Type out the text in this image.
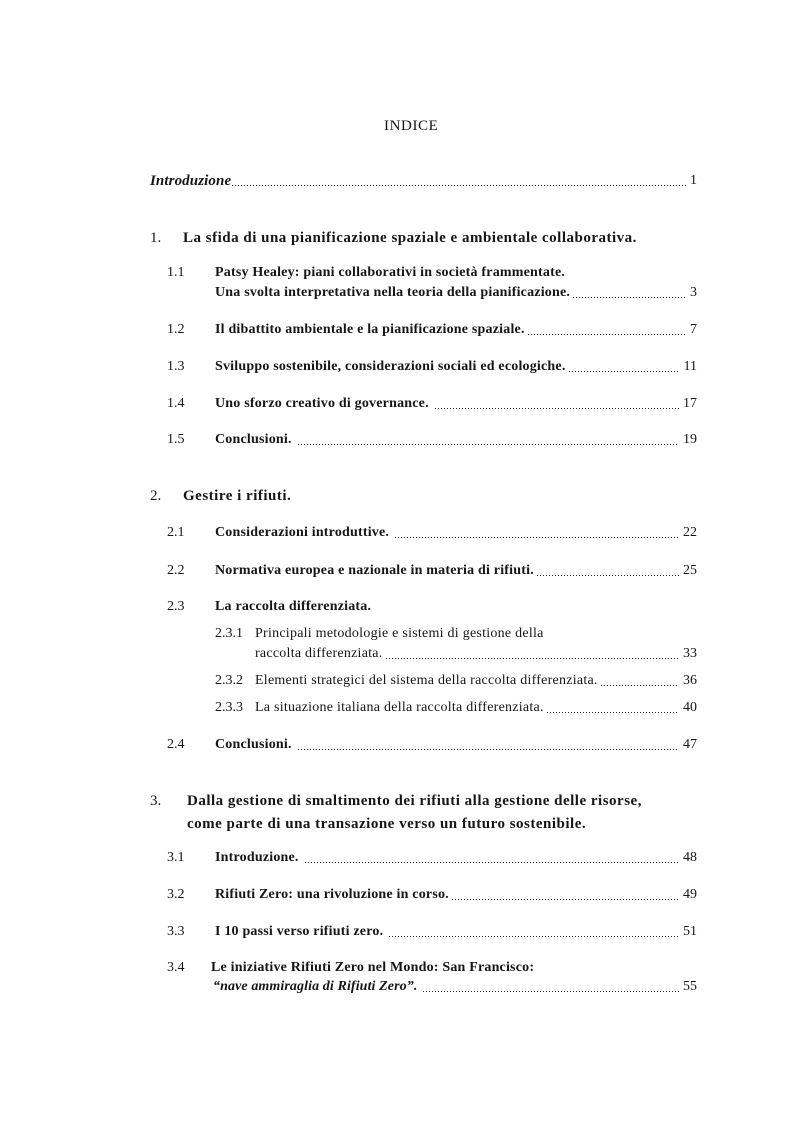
INDICE
Introduzione	1
1.	La sfida di una pianificazione spaziale e ambientale collaborativa.
1.1	Patsy Healey: piani collaborativi in società frammentate.
Una svolta interpretativa nella teoria della pianificazione.	3
1.2	Il dibattito ambientale e la pianificazione spaziale.	7
1.3	Sviluppo sostenibile, considerazioni sociali ed ecologiche.	11
1.4	Uno sforzo creativo di governance.	17
1.5	Conclusioni.	19
2.	Gestire i rifiuti.
2.1	Considerazioni introduttive.	22
2.2	Normativa europea e nazionale in materia di rifiuti.	25
2.3	La raccolta differenziata.
2.3.1 Principali metodologie e sistemi di gestione della
raccolta differenziata.	33
2.3.2 Elementi strategici del sistema della raccolta differenziata.	36
2.3.3 La situazione italiana della raccolta differenziata.	40
2.4	Conclusioni.	47
3.	Dalla gestione di smaltimento dei rifiuti alla gestione delle risorse,
come parte di una transazione verso un futuro sostenibile.
3.1	Introduzione.	48
3.2	Rifiuti Zero: una rivoluzione in corso.	49
3.3	I 10 passi verso rifiuti zero.	51
3.4	Le iniziative Rifiuti Zero nel Mondo: San Francisco:
“nave ammiraglia di Rifiuti Zero”.	55
